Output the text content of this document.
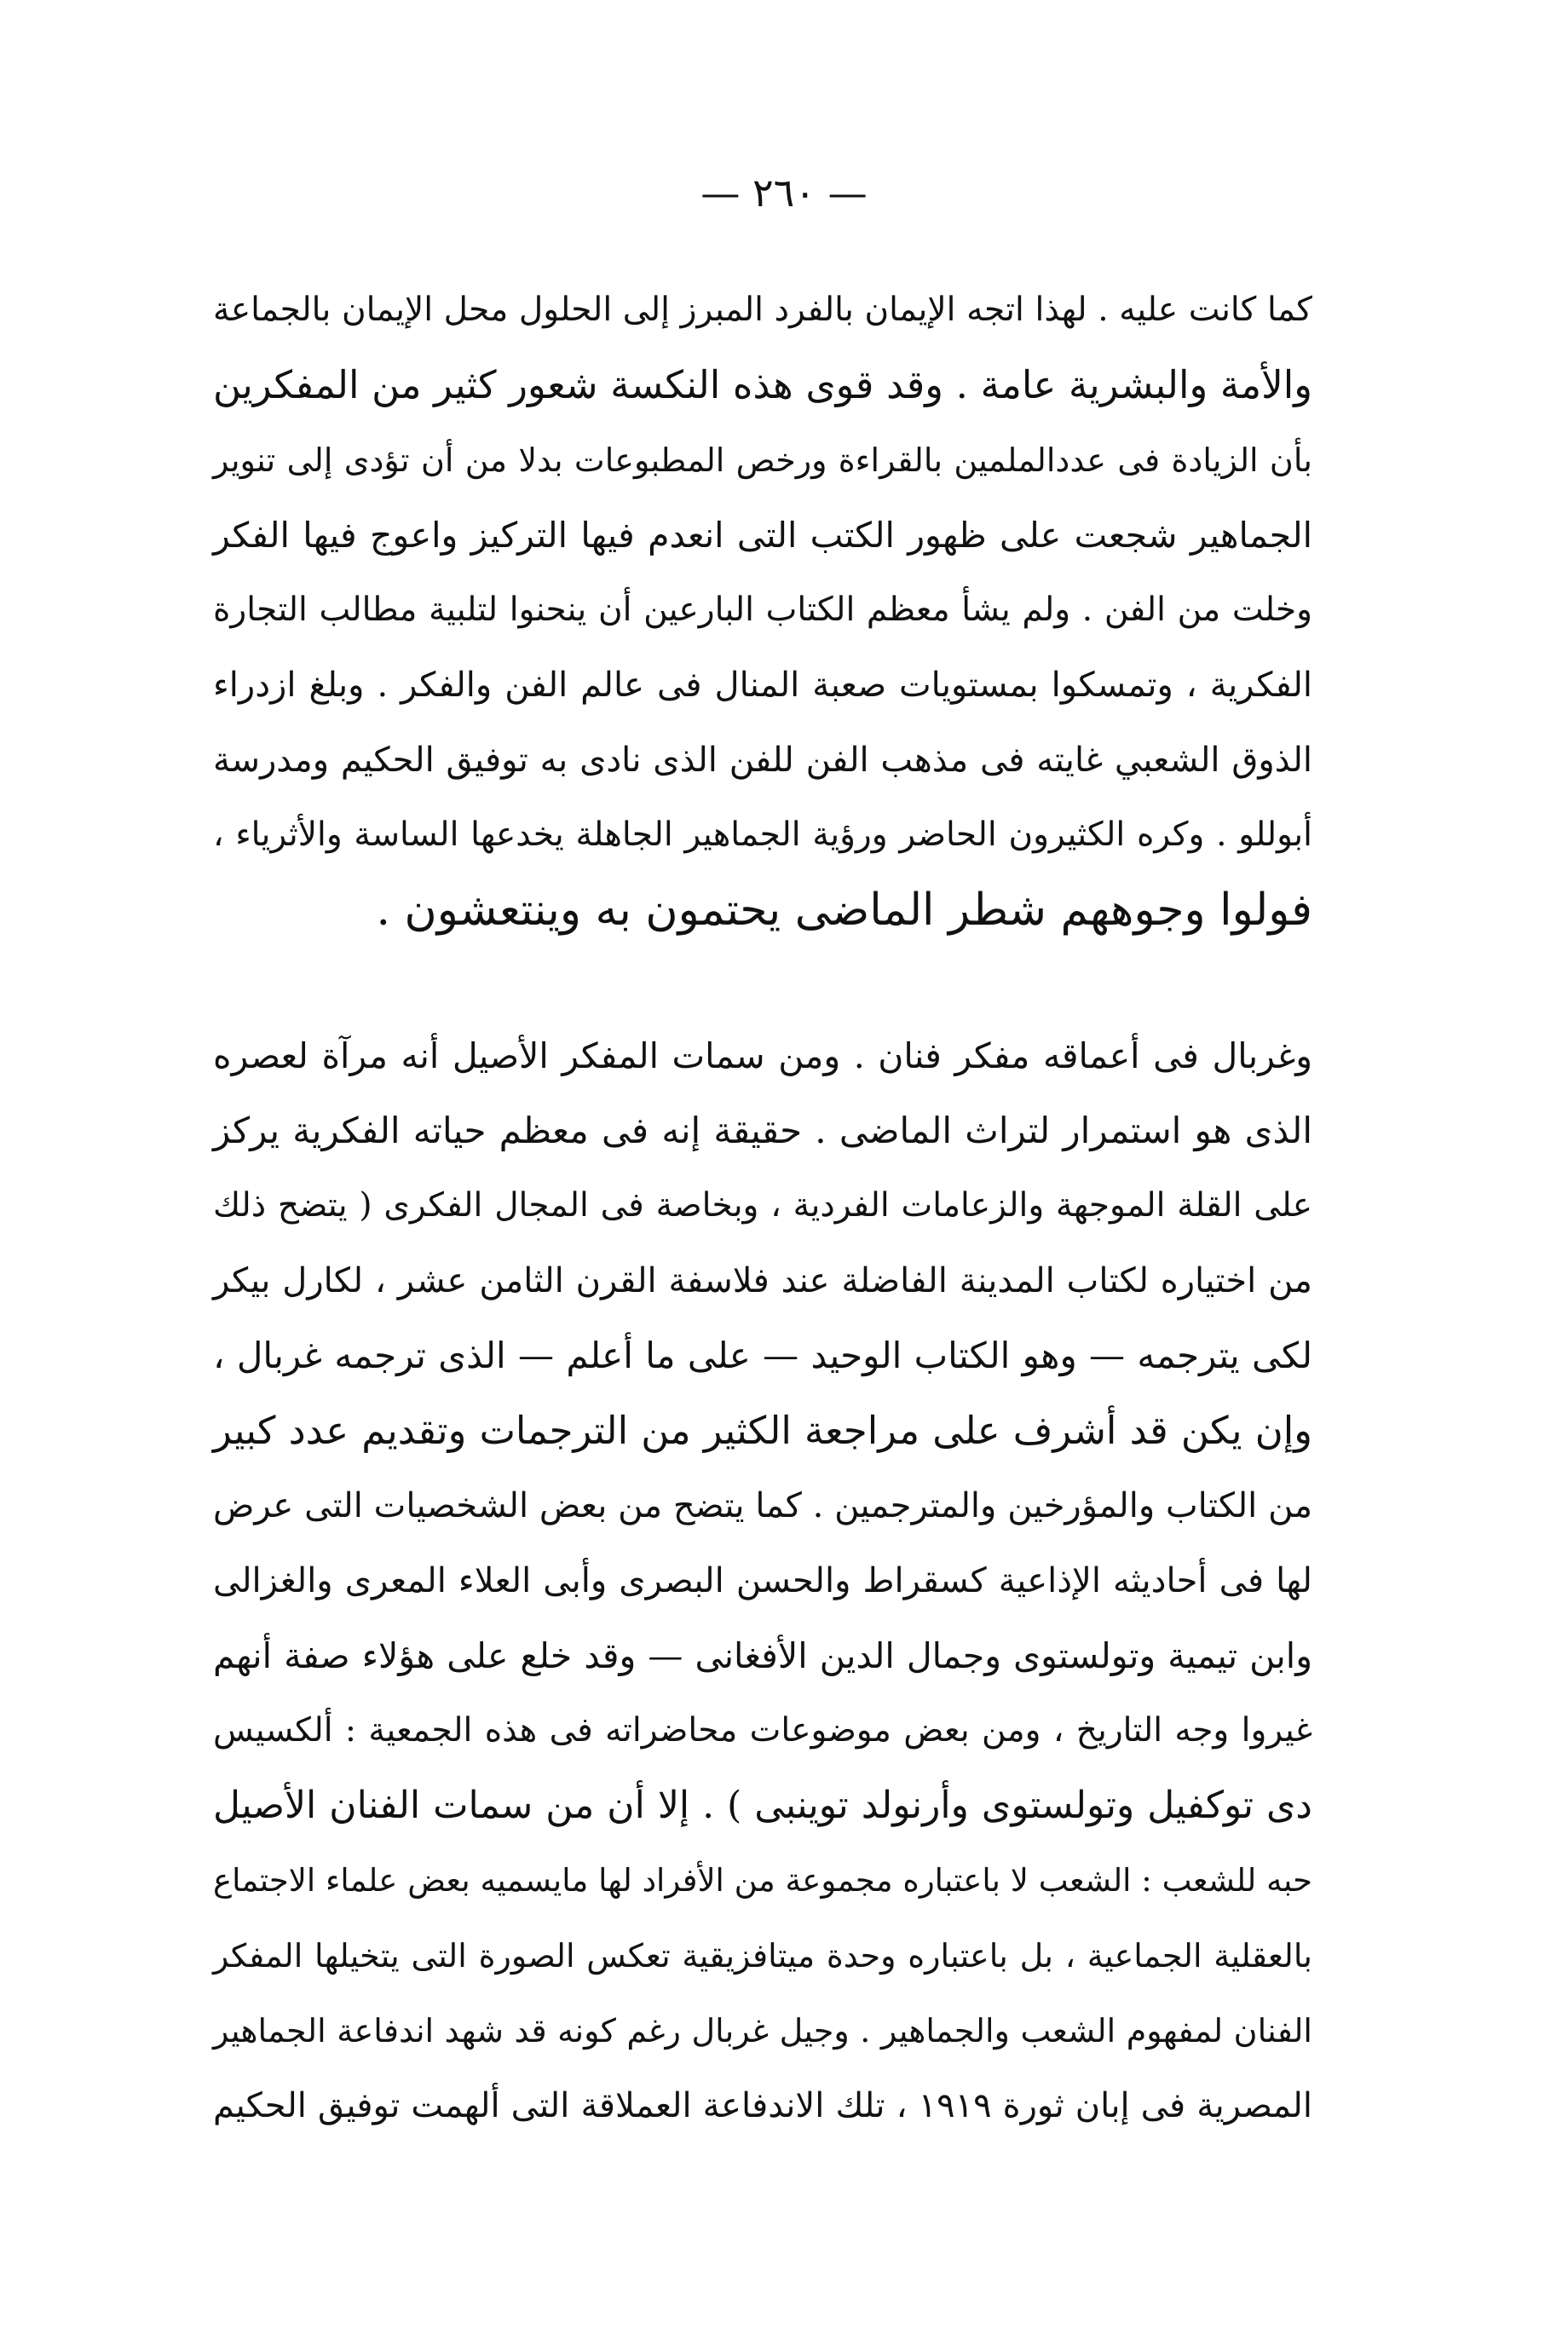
— ٢٦٠ —
كما كانت عليه . لهذا اتجه الإيمان بالفرد المبرز إلى الحلول محل الإيمان بالجماعة
والأمة والبشرية عامة . وقد قوى هذه النكسة شعور كثير من المفكرين
بأن الزيادة فى عددالملمين بالقراءة ورخص المطبوعات بدلا من أن تؤدى إلى تنوير
الجماهير شجعت على ظهور الكتب التى انعدم فيها التركيز واعوج فيها الفكر
وخلت من الفن . ولم يشأ معظم الكتاب البارعين أن ينحنوا لتلبية مطالب التجارة
الفكرية ، وتمسكوا بمستويات صعبة المنال فى عالم الفن والفكر . وبلغ ازدراء
الذوق الشعبي غايته فى مذهب الفن للفن الذى نادى به توفيق الحكيم ومدرسة
أبوللو . وكره الكثيرون الحاضر ورؤية الجماهير الجاهلة يخدعها الساسة والأثرياء ،
فولوا وجوههم شطر الماضى يحتمون به وينتعشون .
وغربال فى أعماقه مفكر فنان . ومن سمات المفكر الأصيل أنه مرآة لعصره
الذى هو استمرار لتراث الماضى . حقيقة إنه فى معظم حياته الفكرية يركز
على القلة الموجهة والزعامات الفردية ، وبخاصة فى المجال الفكرى ( يتضح ذلك
من اختياره لكتاب المدينة الفاضلة عند فلاسفة القرن الثامن عشر ، لكارل بيكر
لكى يترجمه — وهو الكتاب الوحيد — على ما أعلم — الذى ترجمه غربال ،
وإن يكن قد أشرف على مراجعة الكثير من الترجمات وتقديم عدد كبير
من الكتاب والمؤرخين والمترجمين . كما يتضح من بعض الشخصيات التى عرض
لها فى أحاديثه الإذاعية كسقراط والحسن البصرى وأبى العلاء المعرى والغزالى
وابن تيمية وتولستوى وجمال الدين الأفغانى — وقد خلع على هؤلاء صفة أنهم
غيروا وجه التاريخ ، ومن بعض موضوعات محاضراته فى هذه الجمعية : ألكسيس
دى توكفيل وتولستوى وأرنولد توينبى ) . إلا أن من سمات الفنان الأصيل
حبه للشعب : الشعب لا باعتباره مجموعة من الأفراد لها مايسميه بعض علماء الاجتماع
بالعقلية الجماعية ، بل باعتباره وحدة ميتافزيقية تعكس الصورة التى يتخيلها المفكر
الفنان لمفهوم الشعب والجماهير . وجيل غربال رغم كونه قد شهد اندفاعة الجماهير
المصرية فى إبان ثورة ١٩١٩ ، تلك الاندفاعة العملاقة التى ألهمت توفيق الحكيم
